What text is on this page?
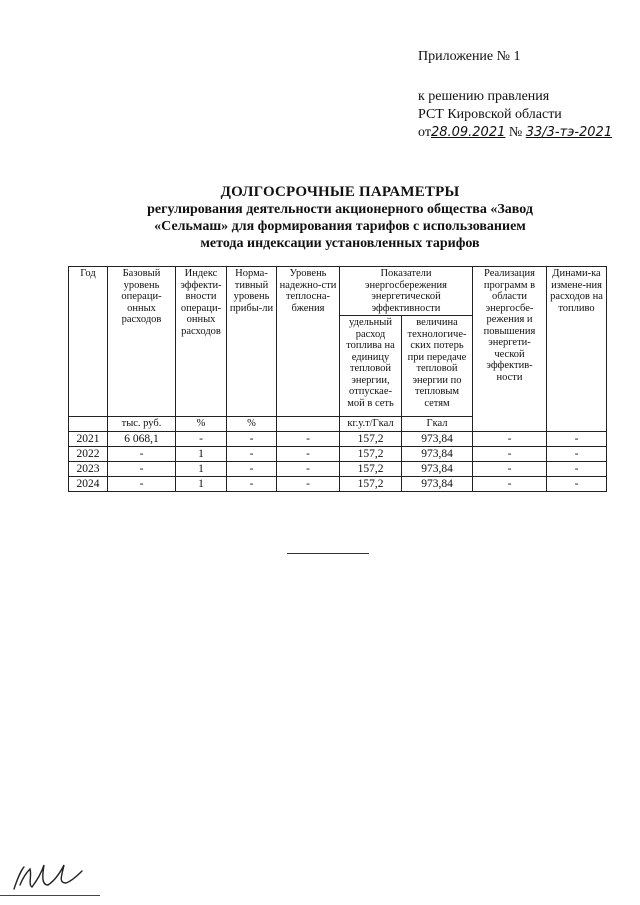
Приложение № 1
к решению правления
РСТ Кировской области
от28.09.2021 № 33/3-тэ-2021
ДОЛГОСРОЧНЫЕ ПАРАМЕТРЫ
регулирования деятельности акционерного общества «Завод
«Сельмаш» для формирования тарифов с использованием
метода индексации установленных тарифов
Год	Базовый уровень операци-онных расходов	Индекс эффекти-вности операци-онных расходов	Норма-тивный уровень прибы-ли	Уровень надежно-сти теплосна-бжения	Показатели энергосбережения энергетической эффективности		Реализация программ в области энергосбе-режения и повышения энергети-ческой эффектив-ности	Динами-ка измене-ния расходов на топливо
					удельный расход топлива на единицу тепловой энергии, отпускае-мой в сеть	величина технологиче-ских потерь при передаче тепловой энергии по тепловым сетям		
	тыс. руб.	%	%		кг.у.т/Гкал	Гкал		
2021	6 068,1	-	-	-	157,2	973,84	-	-
2022	-	1	-	-	157,2	973,84	-	-
2023	-	1	-	-	157,2	973,84	-	-
2024	-	1	-	-	157,2	973,84	-	-
